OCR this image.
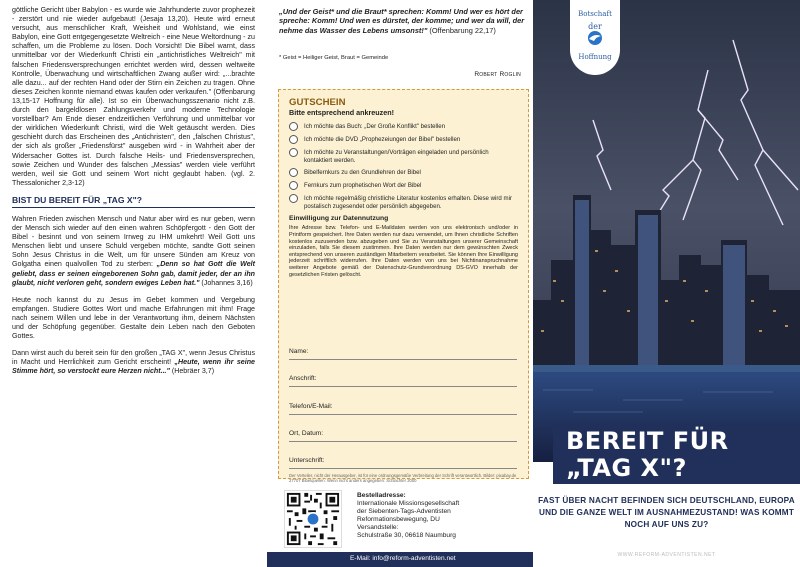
göttliche Gericht über Babylon - es wurde wie Jahrhunderte zuvor prophezeit - zerstört und nie wieder aufgebaut! (Jesaja 13,20). Heute wird erneut versucht, aus menschlicher Kraft, Weisheit und Wohlstand, wie einst Babylon, eine Gott entgegengesetzte Weltreich - eine Neue Weltordnung - zu schaffen, um die Probleme zu lösen. Doch Vorsicht! Die Bibel warnt, dass unmittelbar vor der Wiederkunft Christi ein „antichristliches Weltreich" mit falschen Friedensversprechungen errichtet werden wird, dessen weltweite Kontrolle, Überwachung und wirtschaftlichen Zwang außer wird: „...brachte alle dazu... auf der rechten Hand oder der Stirn ein Zeichen zu tragen. Ohne dieses Zeichen konnte niemand etwas kaufen oder verkaufen." (Offenbarung 13,15-17 Hoffnung für alle). Ist so ein Überwachungsszenario nicht z.B. durch den bargeldlosen Zahlungsverkehr und moderne Technologie vorstellbar? Am Ende dieser endzeitlichen Verführung und unmittelbar vor der wirklichen Wiederkunft Christi, wird die Welt getäuscht werden. Dies geschieht durch das Erscheinen des „Antichristen", den „falschen Christus", der sich als großer „Friedensfürst" ausgeben wird - in Wahrheit aber der Widersacher Gottes ist. Durch falsche Heils- und Friedensversprechen, sowie Zeichen und Wunder des falschen „Messias" werden viele verführt werden, weil sie Gott und seinem Wort nicht geglaubt haben. (vgl. 2. Thessalonicher 2,3-12)

BIST DU BEREIT FÜR „TAG X"?

Wahren Frieden zwischen Mensch und Natur aber wird es nur geben, wenn der Mensch sich wieder auf den einen wahren Schöpfergott - den Gott der Bibel - besinnt und von seinem Irrweg zu IHM umkehrt! Weil Gott uns Menschen liebt und unsere Schuld vergeben möchte, sandte Gott seinen Sohn Jesus Christus in die Welt, um für unsere Sünden am Kreuz von Golgatha einen qualvollen Tod zu sterben: „Denn so hat Gott die Welt geliebt, dass er seinen eingeborenen Sohn gab, damit jeder, der an ihn glaubt, nicht verloren geht, sondern ewiges Leben hat." (Johannes 3,16)

Heute noch kannst du zu Jesus im Gebet kommen und Vergebung empfangen. Studiere Gottes Wort und mache Erfahrungen mit ihm! Frage nach seinem Willen und lebe in der Verantwortung ihm, deinem Nächsten und der Schöpfung gegenüber. Gestalte dein Leben nach den Geboten Gottes.

Dann wirst auch du bereit sein für den großen „TAG X", wenn Jesus Christus in Macht und Herrlichkeit zum Gericht erscheint! „Heute, wenn ihr seine Stimme hört, so verstockt eure Herzen nicht..." (Hebräer 3,7)

„Und der Geist* und die Braut* sprechen: Komm! Und wer es hört der spreche: Komm! Und wen es dürstet, der komme; und wer da will, der nehme das Wasser des Lebens umsonst!" (Offenbarung 22,17)
* Geist = Heiliger Geist, Braut = Gemeinde
Robert Roglin
GUTSCHEIN
Bitte entsprechend ankreuzen!
Ich möchte das Buch: „Der Große Konflikt" bestellen
Ich möchte die DVD „Prophezeiungen der Bibel" bestellen
Ich möchte zu Veranstaltungen/Vorträgen eingeladen und persönlich kontaktiert werden.
Bibelfernkurs zu den Grundlehren der Bibel
Fernkurs zum prophetischen Wort der Bibel
Ich möchte regelmäßig christliche Literatur kostenlos erhalten. Diese wird mir postalisch zugesendet oder persönlich abgegeben.
Einwilligung zur Datennutzung
Ihre Adresse bzw. Telefon- und E-Maildaten werden von uns elektronisch und/oder in Printform gespeichert. Ihre Daten werden nur dazu verwendet, um Ihnen christliche Schriften kostenlos zuzusenden bzw. abzugeben und Sie zu Veranstaltungen unserer Gemeinschaft einzuladen, falls Sie diesem zustimmen. Ihre Daten werden nur dem gewünschten Zweck entsprechend von unseren zuständigen Mitarbeitern verarbeitet. Sie können Ihre Einwilligung jederzeit schriftlich widerrufen. Ihre Daten werden von uns bei Nichtinanspruchnahme weiterer Angebote gemäß der Datenschutz-Grundverordnung DS-GVO innerhalb der gesetzlichen Fristen gelöscht.
Name:
Anschrift:
Telefon/E-Mail:
Ort, Datum:
Unterschrift:
Der Verteiler, nicht der Herausgeber, ist für eine ordnungsgemäße Verbreitung der Schrift verantwortlich. Bilder: pixabay.de 27707 Bibelquellen: Wenn nicht anders angegeben: Schlachter 2000
Bestelladresse:
Internationale Missionsgesellschaft
der Siebenten-Tags-Adventisten
Reformationsbewegung, DU
Versandstelle:
Schulstraße 30, 06618 Naumburg
E-Mail: info@reform-adventisten.net
Botschaft
der
Hoffnung
BEREIT FÜR
„TAG X"?
FAST ÜBER NACHT BEFINDEN SICH DEUTSCHLAND, EUROPA UND DIE GANZE WELT IM AUSNAHMEZUSTAND! WAS KOMMT NOCH AUF UNS ZU?
WWW.REFORM-ADVENTISTEN.NET
